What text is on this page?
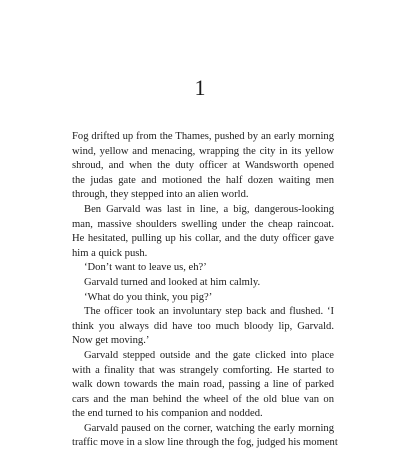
1
Fog drifted up from the Thames, pushed by an early morning
wind, yellow and menacing, wrapping the city in its yellow
shroud, and when the duty officer at Wandsworth opened
the judas gate and motioned the half dozen waiting men
through, they stepped into an alien world.
Ben Garvald was last in line, a big, dangerous-looking
man, massive shoulders swelling under the cheap raincoat.
He hesitated, pulling up his collar, and the duty officer gave
him a quick push.
‘Don’t want to leave us, eh?’
Garvald turned and looked at him calmly.
‘What do you think, you pig?’
The officer took an involuntary step back and flushed. ‘I
think you always did have too much bloody lip, Garvald.
Now get moving.’
Garvald stepped outside and the gate clicked into place
with a finality that was strangely comforting. He started to
walk down towards the main road, passing a line of parked
cars and the man behind the wheel of the old blue van on
the end turned to his companion and nodded.
Garvald paused on the corner, watching the early morning
traffic move in a slow line through the fog, judged his moment
